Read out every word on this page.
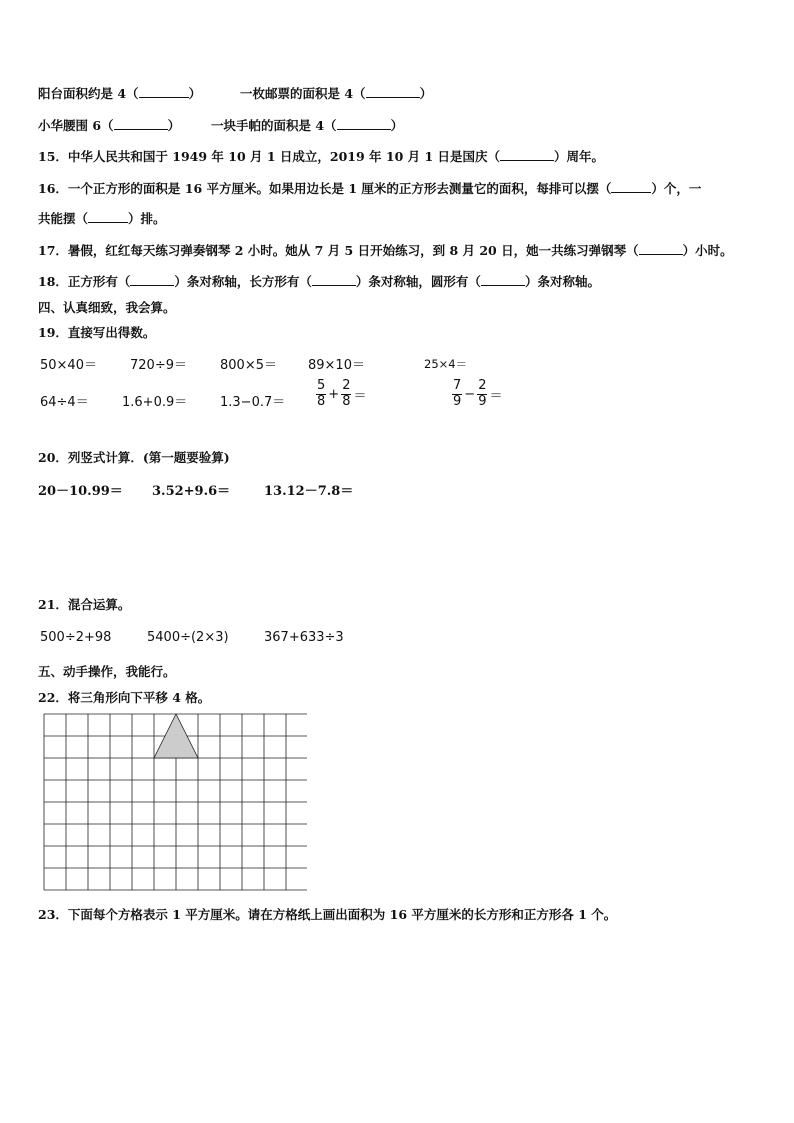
阳台面积约是 4（	）	一枚邮票的面积是 4（	）
小华腰围 6（	） 一块手帕的面积是 4（	）
15．中华人民共和国于 1949 年 10 月 1 日成立，2019 年 10 月 1 日是国庆（	）周年。
16．一个正方形的面积是 16 平方厘米。如果用边长是 1 厘米的正方形去测量它的面积，每排可以摆（	）个，一
共能摆（	）排。
17．暑假，红红每天练习弹奏钢琴 2 小时。她从 7 月 5 日开始练习，到 8 月 20 日，她一共练习弹钢琴（	）小时。
18．正方形有（	）条对称轴，长方形有（	）条对称轴，圆形有（	）条对称轴。
四、认真细致，我会算。
19．直接写出得数。
50×40＝	720÷9＝	800×5＝ 89×10＝	25×4＝
64÷4＝	1.6+0.9＝	$1.3-0.7= \frac{5}{8} + \frac{2}{8}$ ＝	$\frac{7}{9} - \frac{2}{9}$ ＝
20．列竖式计算．(第一题要验算)
20－10.99＝ 3.52+9.6＝	13.12－7.8＝
21．混合运算。
500÷2+98	5400÷(2×3)	367+633÷3
五、动手操作，我能行。
22．将三角形向下平移 4 格。
23．下面每个方格表示 1 平方厘米。请在方格纸上画出面积为 16 平方厘米的长方形和正方形各 1 个。
